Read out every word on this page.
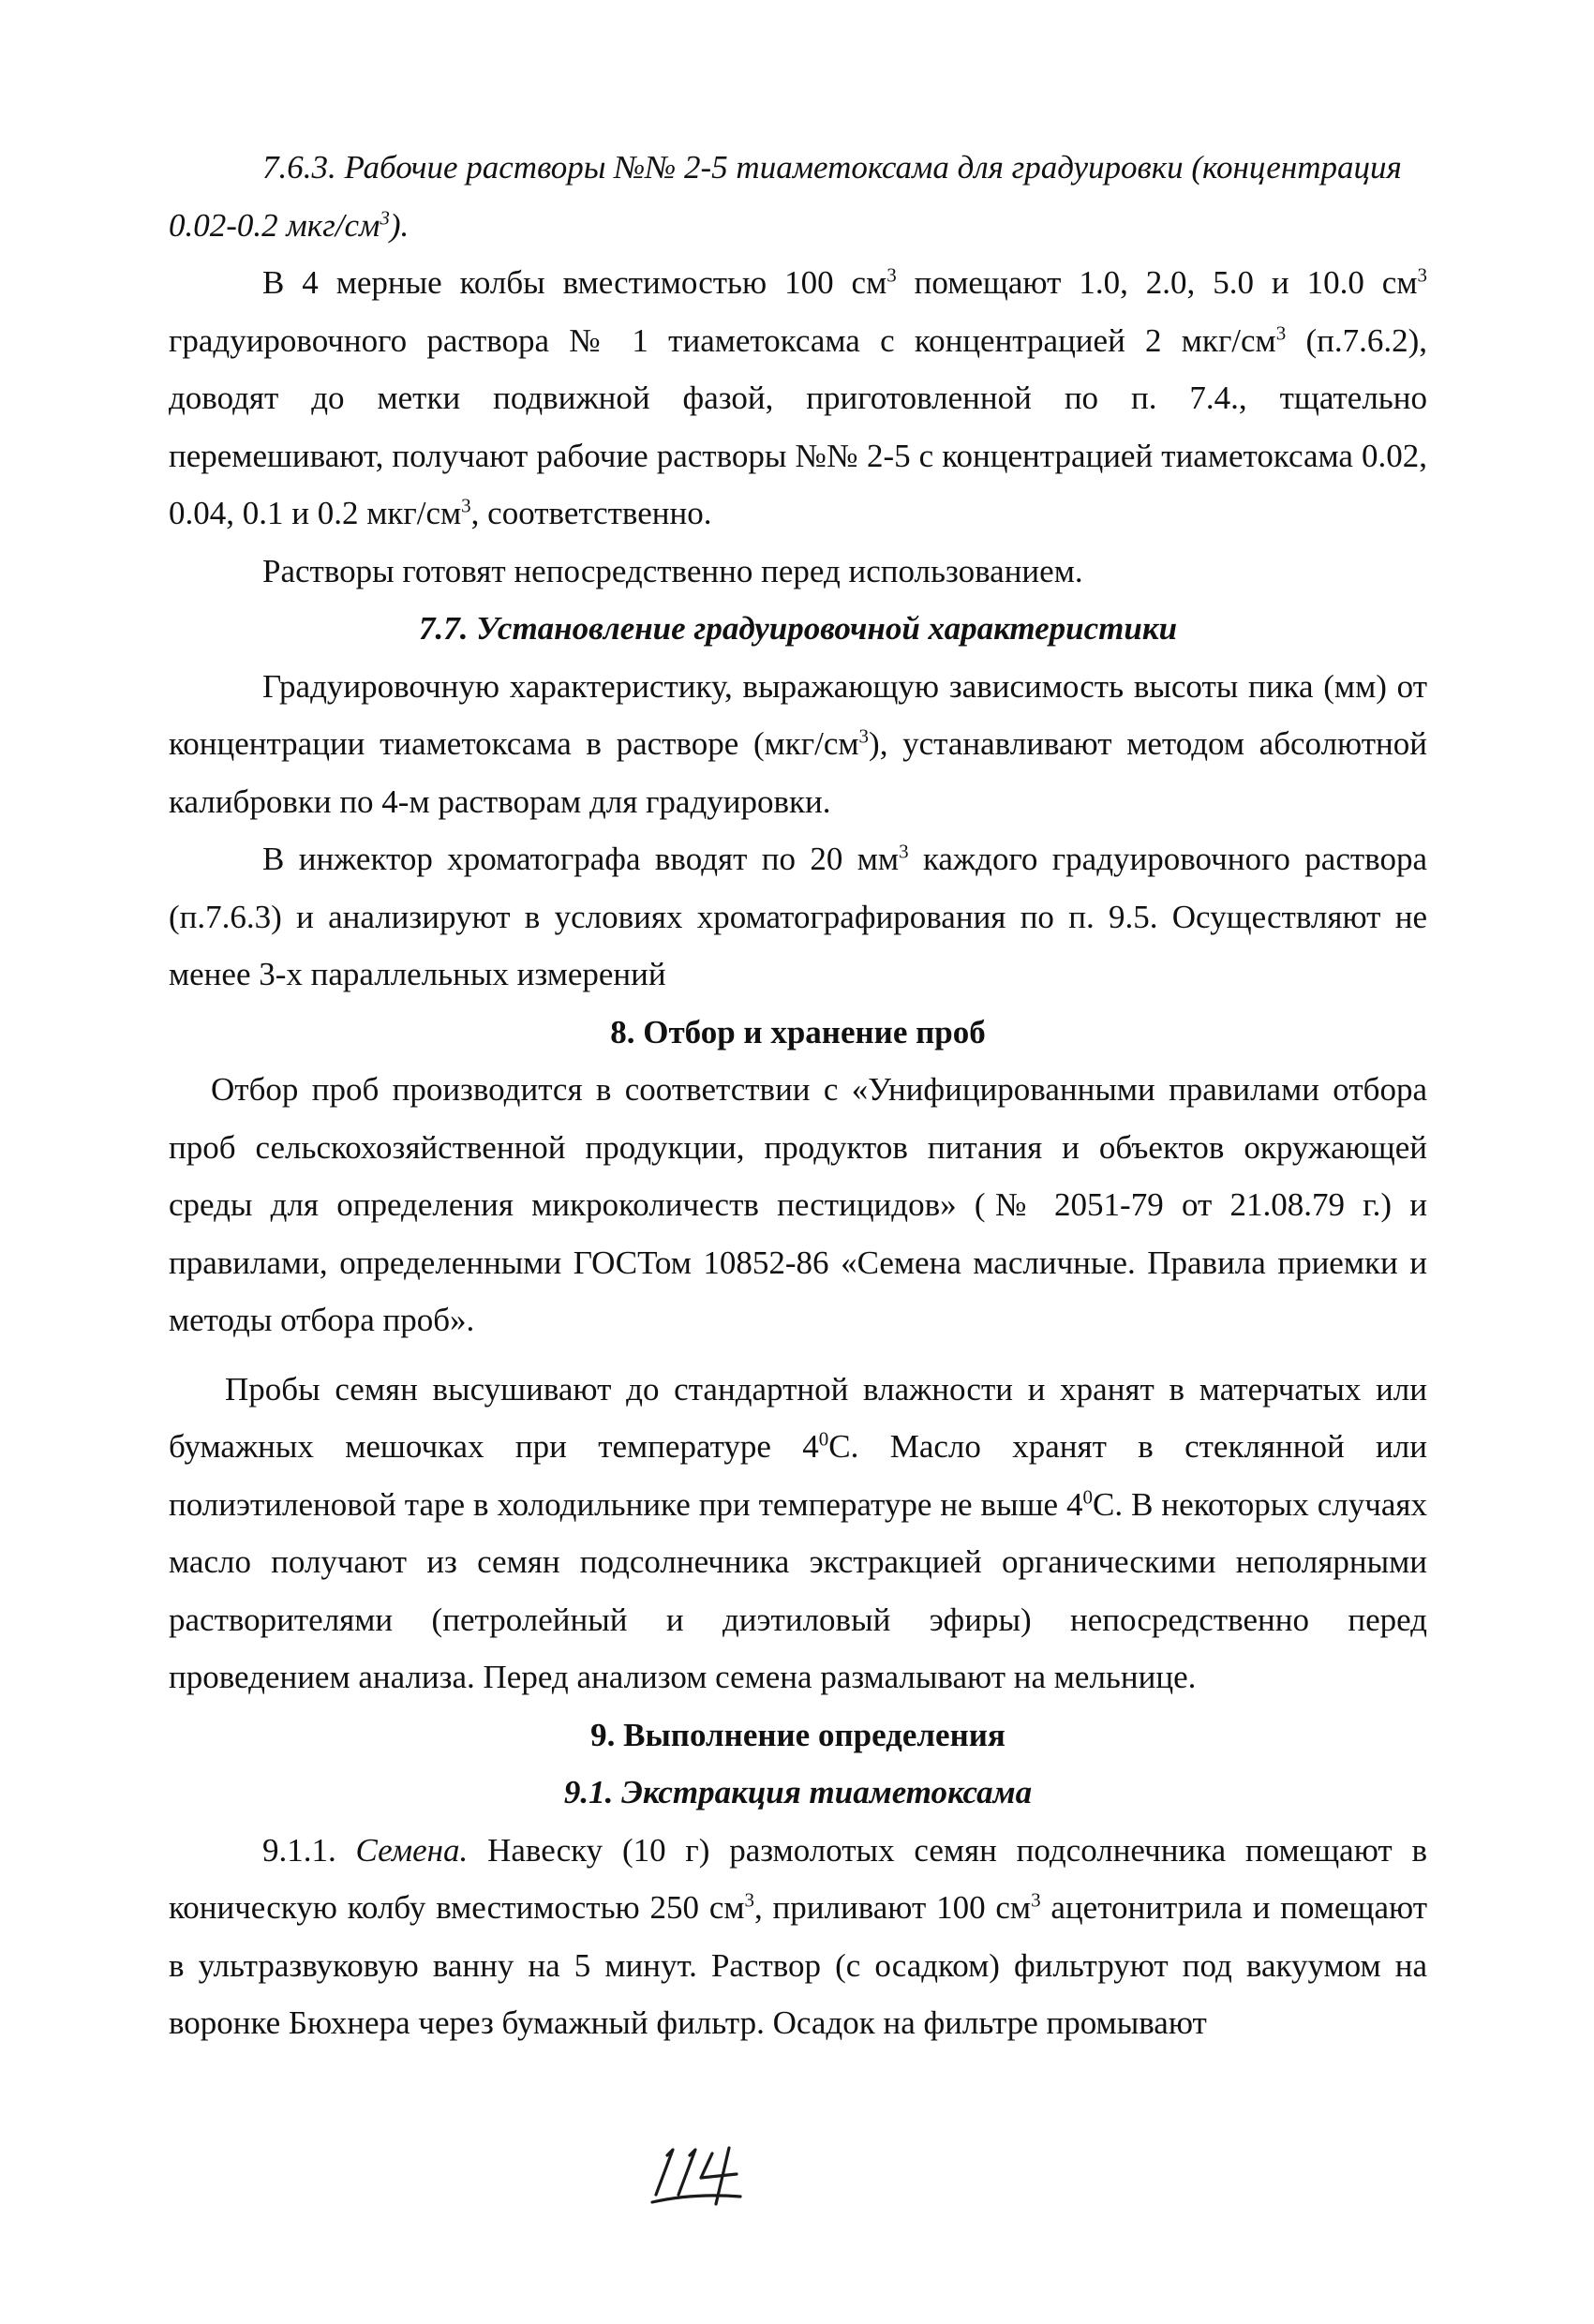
7.6.3. Рабочие растворы №№ 2-5 тиаметоксама для градуировки (концентрация

0.02-0.2 мкг/$см^3$).

В 4 мерные колбы вместимостью 100 $см^3$ помещают 1.0, 2.0, 5.0 и 10.0 $см^3$ градуировочного раствора № 1 тиаметоксама с концентрацией 2 мкг/$см^3$ (п.7.6.2), доводят до метки подвижной фазой, приготовленной по п. 7.4., тщательно перемешивают, получают рабочие растворы №№ 2-5 с концентрацией тиаметоксама 0.02, 0.04, 0.1 и 0.2 мкг/$см^3$, соответственно.

Растворы готовят непосредственно перед использованием.

7.7. Установление градуировочной характеристики

Градуировочную характеристику, выражающую зависимость высоты пика (мм) от концентрации тиаметоксама в растворе $(мкг/см^3)$, устанавливают методом абсолютной калибровки по 4-м растворам для градуировки.

В инжектор хроматографа вводят по 20 $мм^3$ каждого градуировочного раствора (п.7.6.3) и анализируют в условиях хроматографирования по п. 9.5. Осуществляют не менее 3-х параллельных измерений

8. Отбор и хранение проб

Отбор проб производится в соответствии с «Унифицированными правилами отбора проб сельскохозяйственной продукции, продуктов питания и объектов окружающей среды для определения микроколичеств пестицидов» (№ 2051-79 от 21.08.79 г.) и правилами, определенными ГОСТом 10852-86 «Семена масличные. Правила приемки и методы отбора проб».

Пробы семян высушивают до стандартной влажности и хранят в матерчатых или бумажных мешочках при температуре $4^0С$. Масло хранят в стеклянной или полиэтиленовой таре в холодильнике при температуре не выше $4^0С$. В некоторых случаях масло получают из семян подсолнечника экстракцией органическими неполярными растворителями (петролейный и диэтиловый эфиры) непосредственно перед проведением анализа. Перед анализом семена размалывают на мельнице.

9. Выполнение определения

9.1. Экстракция тиаметоксама

9.1.1. Семена. Навеску (10 г) размолотых семян подсолнечника помещают в коническую колбу вместимостью 250 $см^3$, приливают 100 $см^3$ ацетонитрила и помещают в ультразвуковую ванну на 5 минут. Раствор (с осадком) фильтруют под вакуумом на воронке Бюхнера через бумажный фильтр. Осадок на фильтре промывают
